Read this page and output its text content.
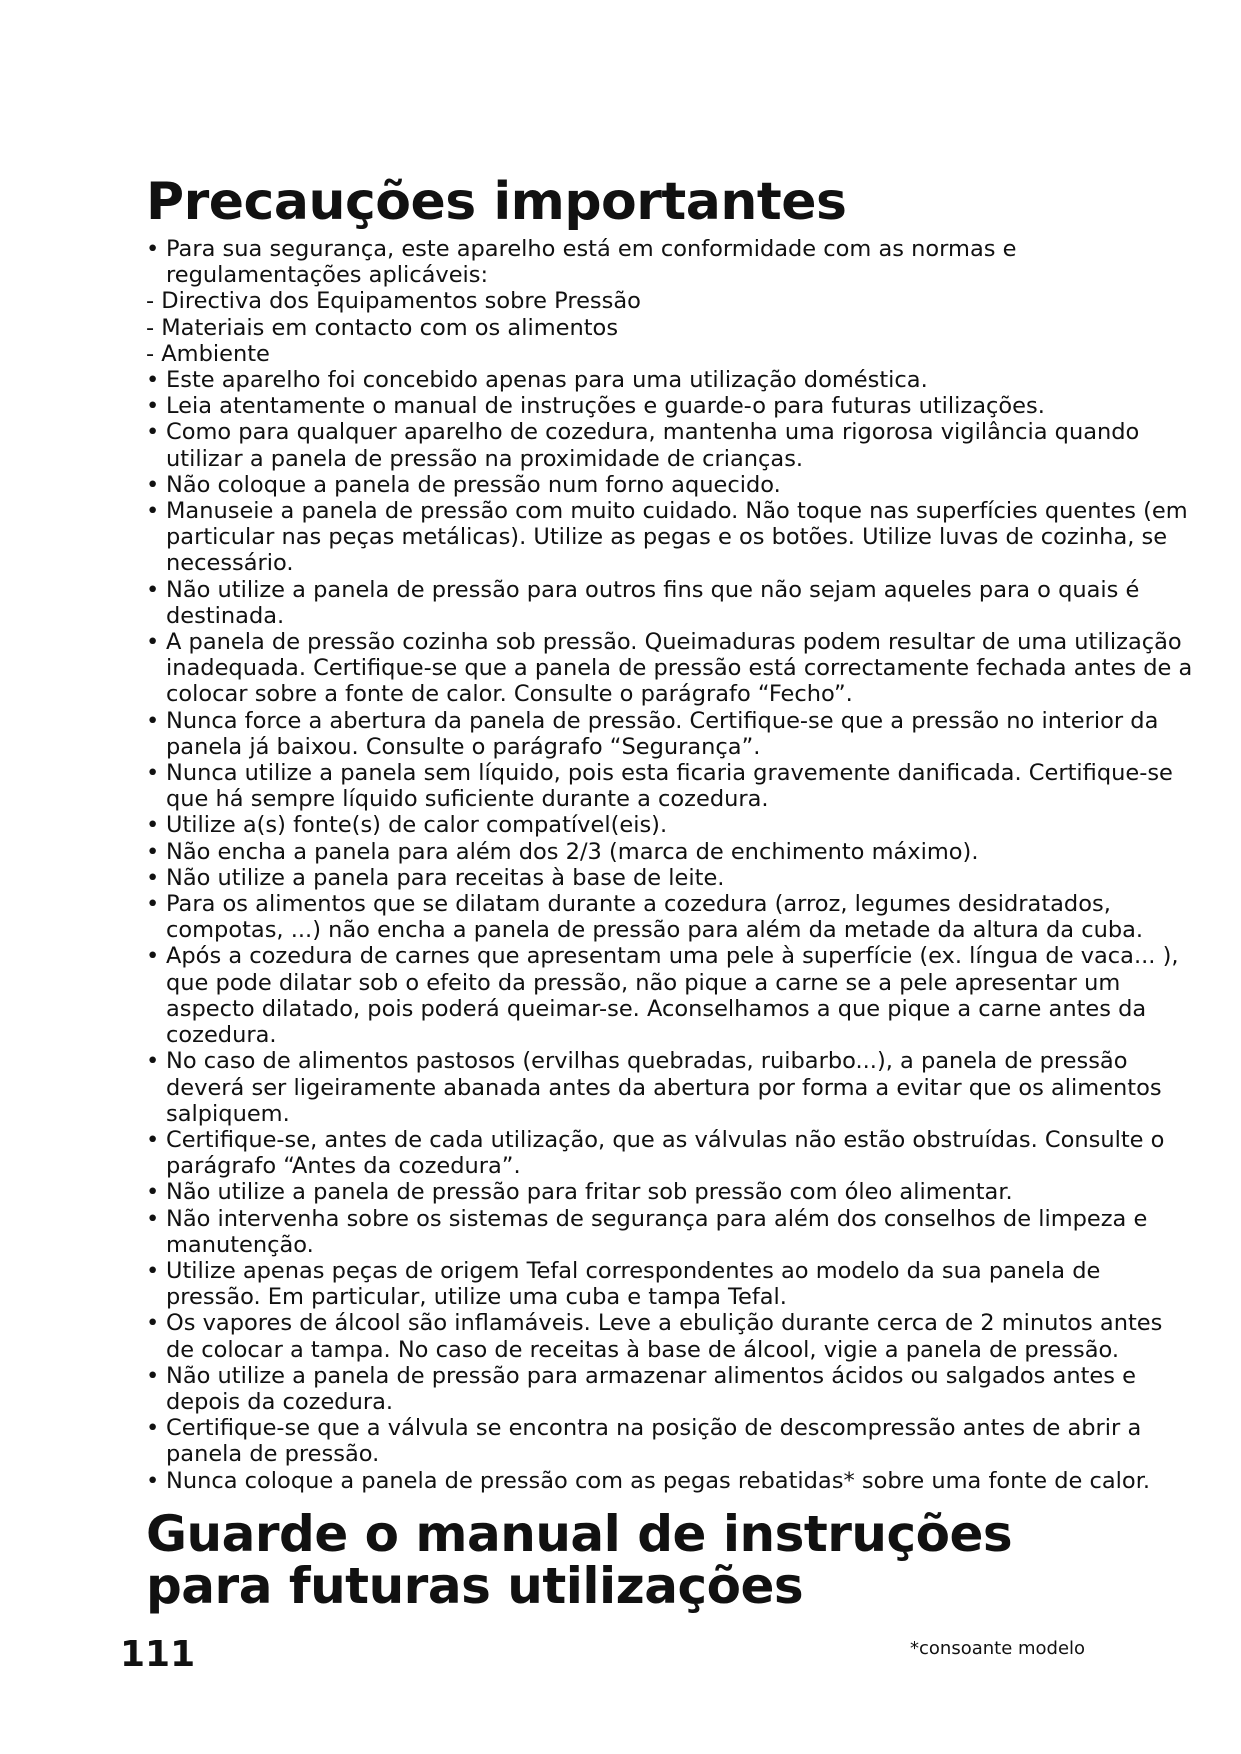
Precauções importantes

• Para sua segurança, este aparelho está em conformidade com as normas e regulamentações aplicáveis:

- Directiva dos Equipamentos sobre Pressão

- Materiais em contacto com os alimentos

- Ambiente

• Este aparelho foi concebido apenas para uma utilização doméstica.

• Leia atentamente o manual de instruções e guarde-o para futuras utilizações.

• Como para qualquer aparelho de cozedura, mantenha uma rigorosa vigilância quando utilizar a panela de pressão na proximidade de crianças.

• Não coloque a panela de pressão num forno aquecido.

• Manuseie a panela de pressão com muito cuidado. Não toque nas superfícies quentes (em particular nas peças metálicas). Utilize as pegas e os botões. Utilize luvas de cozinha, se necessário.

• Não utilize a panela de pressão para outros fins que não sejam aqueles para o quais é destinada.

• A panela de pressão cozinha sob pressão. Queimaduras podem resultar de uma utilização inadequada. Certifique-se que a panela de pressão está correctamente fechada antes de a colocar sobre a fonte de calor. Consulte o parágrafo “Fecho”.

• Nunca force a abertura da panela de pressão. Certifique-se que a pressão no interior da panela já baixou. Consulte o parágrafo “Segurança”.

• Nunca utilize a panela sem líquido, pois esta ficaria gravemente danificada. Certifique-se que há sempre líquido suficiente durante a cozedura.

• Utilize a(s) fonte(s) de calor compatível(eis).

• Não encha a panela para além dos 2/3 (marca de enchimento máximo).

• Não utilize a panela para receitas à base de leite.

• Para os alimentos que se dilatam durante a cozedura (arroz, legumes desidratados, compotas, ...) não encha a panela de pressão para além da metade da altura da cuba.

• Após a cozedura de carnes que apresentam uma pele à superfície (ex. língua de vaca... ), que pode dilatar sob o efeito da pressão, não pique a carne se a pele apresentar um aspecto dilatado, pois poderá queimar-se. Aconselhamos a que pique a carne antes da cozedura.

• No caso de alimentos pastosos (ervilhas quebradas, ruibarbo...), a panela de pressão deverá ser ligeiramente abanada antes da abertura por forma a evitar que os alimentos salpiquem.

• Certifique-se, antes de cada utilização, que as válvulas não estão obstruídas. Consulte o parágrafo “Antes da cozedura”.

• Não utilize a panela de pressão para fritar sob pressão com óleo alimentar.

• Não intervenha sobre os sistemas de segurança para além dos conselhos de limpeza e manutenção.

• Utilize apenas peças de origem Tefal correspondentes ao modelo da sua panela de pressão. Em particular, utilize uma cuba e tampa Tefal.

• Os vapores de álcool são inflamáveis. Leve a ebulição durante cerca de 2 minutos antes de colocar a tampa. No caso de receitas à base de álcool, vigie a panela de pressão.

• Não utilize a panela de pressão para armazenar alimentos ácidos ou salgados antes e depois da cozedura.

• Certifique-se que a válvula se encontra na posição de descompressão antes de abrir a panela de pressão.

• Nunca coloque a panela de pressão com as pegas rebatidas* sobre uma fonte de calor.

Guarde o manual de instruções para futuras utilizações
111	*consoante modelo
